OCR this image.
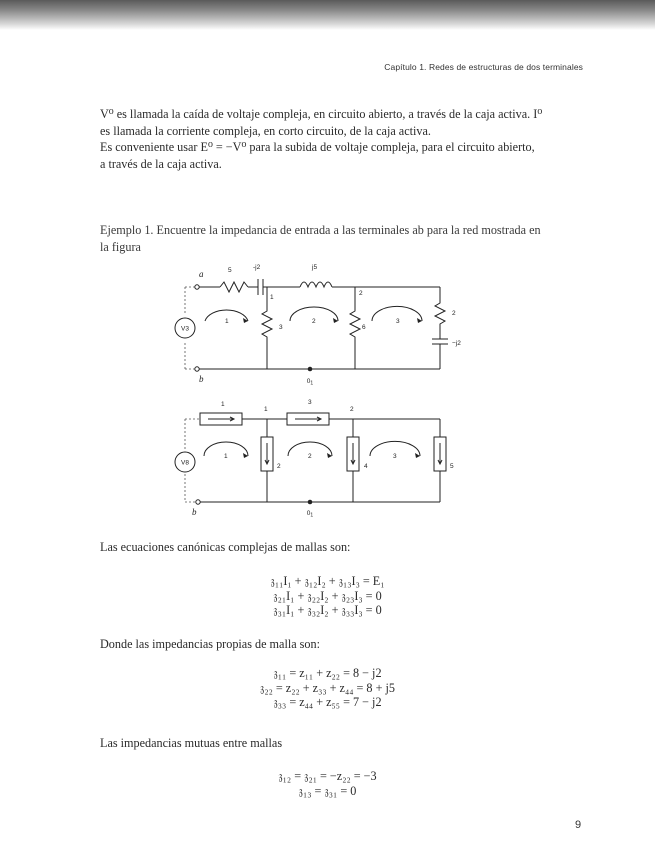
Capítulo 1. Redes de estructuras de dos terminales
V⁰ es llamada la caída de voltaje compleja, en circuito abierto, a través de la caja activa. I⁰
es llamada la corriente compleja, en corto circuito, de la caja activa.
Es conveniente usar E⁰ = −V⁰ para la subida de voltaje compleja, para el circuito abierto,
a través de la caja activa.
Ejemplo 1. Encuentre la impedancia de entrada a las terminales ab para la red mostrada en
la figura
V3
a
b
5	-j2	j5
1
2
3	6
2
−j2
1	2	3
$0_1$
V8
b
1	3
1	2
2	4	5
1	2	3
$0_1$
Las ecuaciones canónicas complejas de mallas son:
𝔷₁₁I₁ + 𝔷₁₂I₂ + 𝔷₁₃I₃ = E₁
𝔷₂₁I₁ + 𝔷₂₂I₂ + 𝔷₂₃I₃ = 0
𝔷₃₁I₁ + 𝔷₃₂I₂ + 𝔷₃₃I₃ = 0
Donde las impedancias propias de malla son:
𝔷₁₁ = z₁₁ + z₂₂ = 8 − j2
𝔷₂₂ = z₂₂ + z₃₃ + z₄₄ = 8 + j5
𝔷₃₃ = z₄₄ + z₅₅ = 7 − j2
Las impedancias mutuas entre mallas
𝔷₁₂ = 𝔷₂₁ = −z₂₂ = −3
𝔷₁₃ = 𝔷₃₁ = 0
9
